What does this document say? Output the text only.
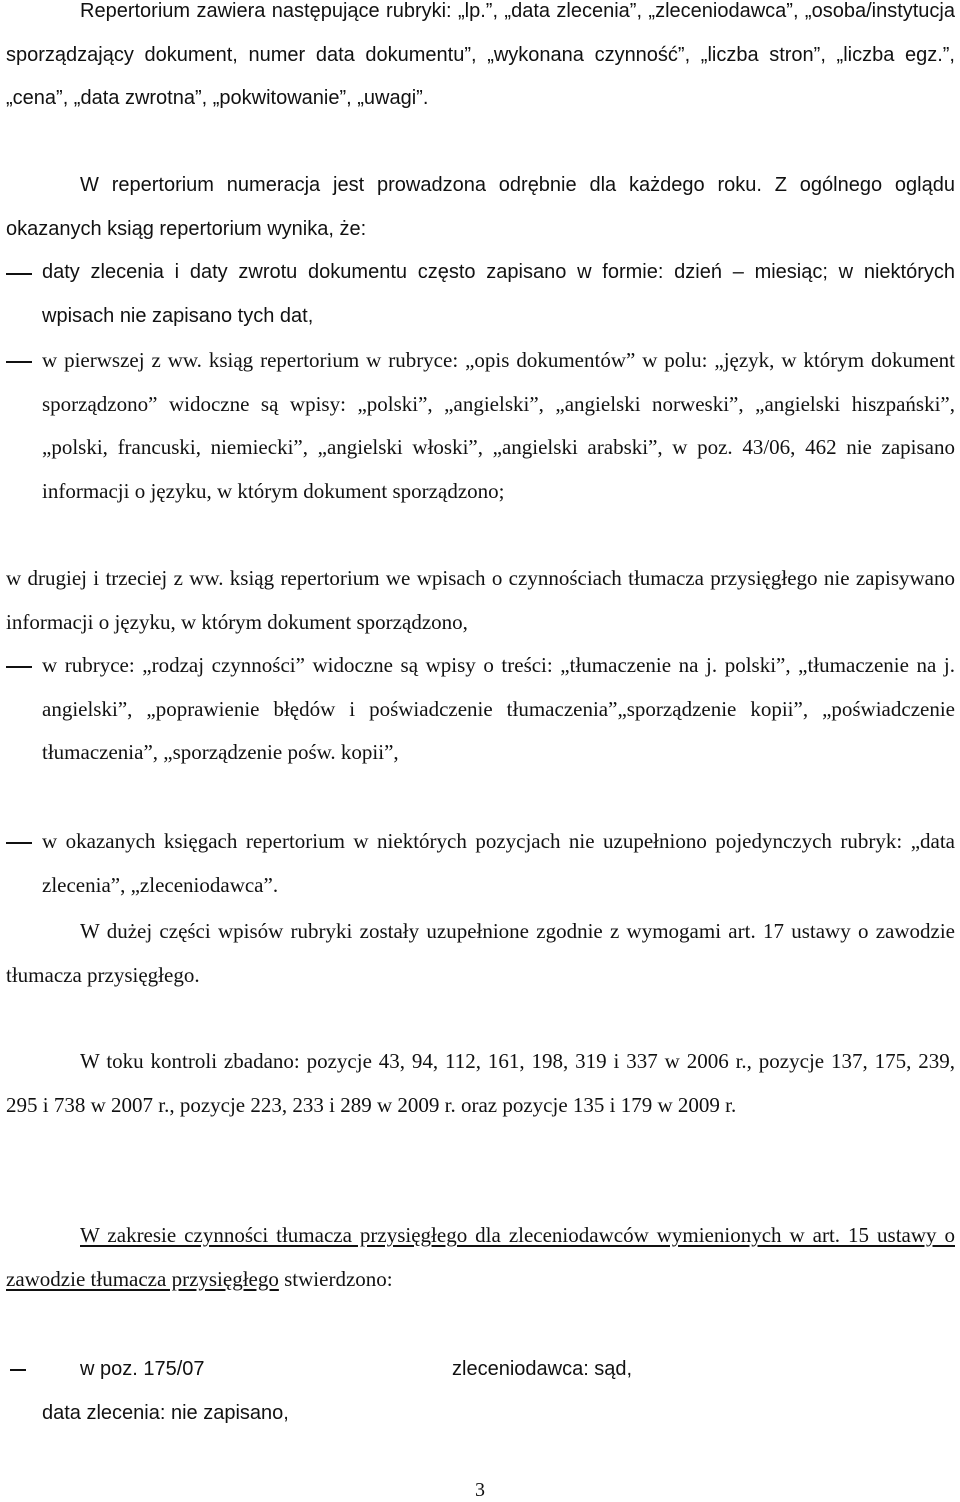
Repertorium zawiera następujące rubryki: „lp.”, „data zlecenia”, „zleceniodawca”, „osoba/instytucja sporządzający dokument, numer data dokumentu”, „wykonana czynność”, „liczba stron”, „liczba egz.”, „cena”, „data zwrotna”, „pokwitowanie”, „uwagi”.

W repertorium numeracja jest prowadzona odrębnie dla każdego roku. Z ogólnego oglądu okazanych ksiąg repertorium wynika, że:

daty zlecenia i daty zwrotu dokumentu często zapisano w formie: dzień – miesiąc; w niektórych wpisach nie zapisano tych dat,

w pierwszej z ww. ksiąg repertorium w rubryce: „opis dokumentów” w polu: „język, w którym dokument sporządzono” widoczne są wpisy: „polski”, „angielski”, „angielski norweski”, „angielski hiszpański”, „polski, francuski, niemiecki”, „angielski włoski”, „angielski arabski”, w poz. 43/06, 462 nie zapisano informacji o języku, w którym dokument sporządzono;

w drugiej i trzeciej z ww. ksiąg repertorium we wpisach o czynnościach tłumacza przysięgłego nie zapisywano informacji o języku, w którym dokument sporządzono,

w rubryce: „rodzaj czynności” widoczne są wpisy o treści: „tłumaczenie na j. polski”, „tłumaczenie na j. angielski”, „poprawienie błędów i poświadczenie tłumaczenia”„sporządzenie kopii”, „poświadczenie tłumaczenia”, „sporządzenie pośw. kopii”,

w okazanych księgach repertorium w niektórych pozycjach nie uzupełniono pojedynczych rubryk: „data zlecenia”, „zleceniodawca”.

W dużej części wpisów rubryki zostały uzupełnione zgodnie z wymogami art. 17 ustawy o zawodzie tłumacza przysięgłego.

W toku kontroli zbadano: pozycje 43, 94, 112, 161, 198, 319 i 337 w 2006 r., pozycje 137, 175, 239, 295 i 738 w 2007 r., pozycje 223, 233 i 289 w 2009 r. oraz pozycje 135 i 179 w 2009 r.

W zakresie czynności tłumacza przysięgłego dla zleceniodawców wymienionych w art. 15 ustawy o zawodzie tłumacza przysięgłego stwierdzono:

w poz. 175/07	zleceniodawca: sąd,
data zlecenia: nie zapisano,
3
